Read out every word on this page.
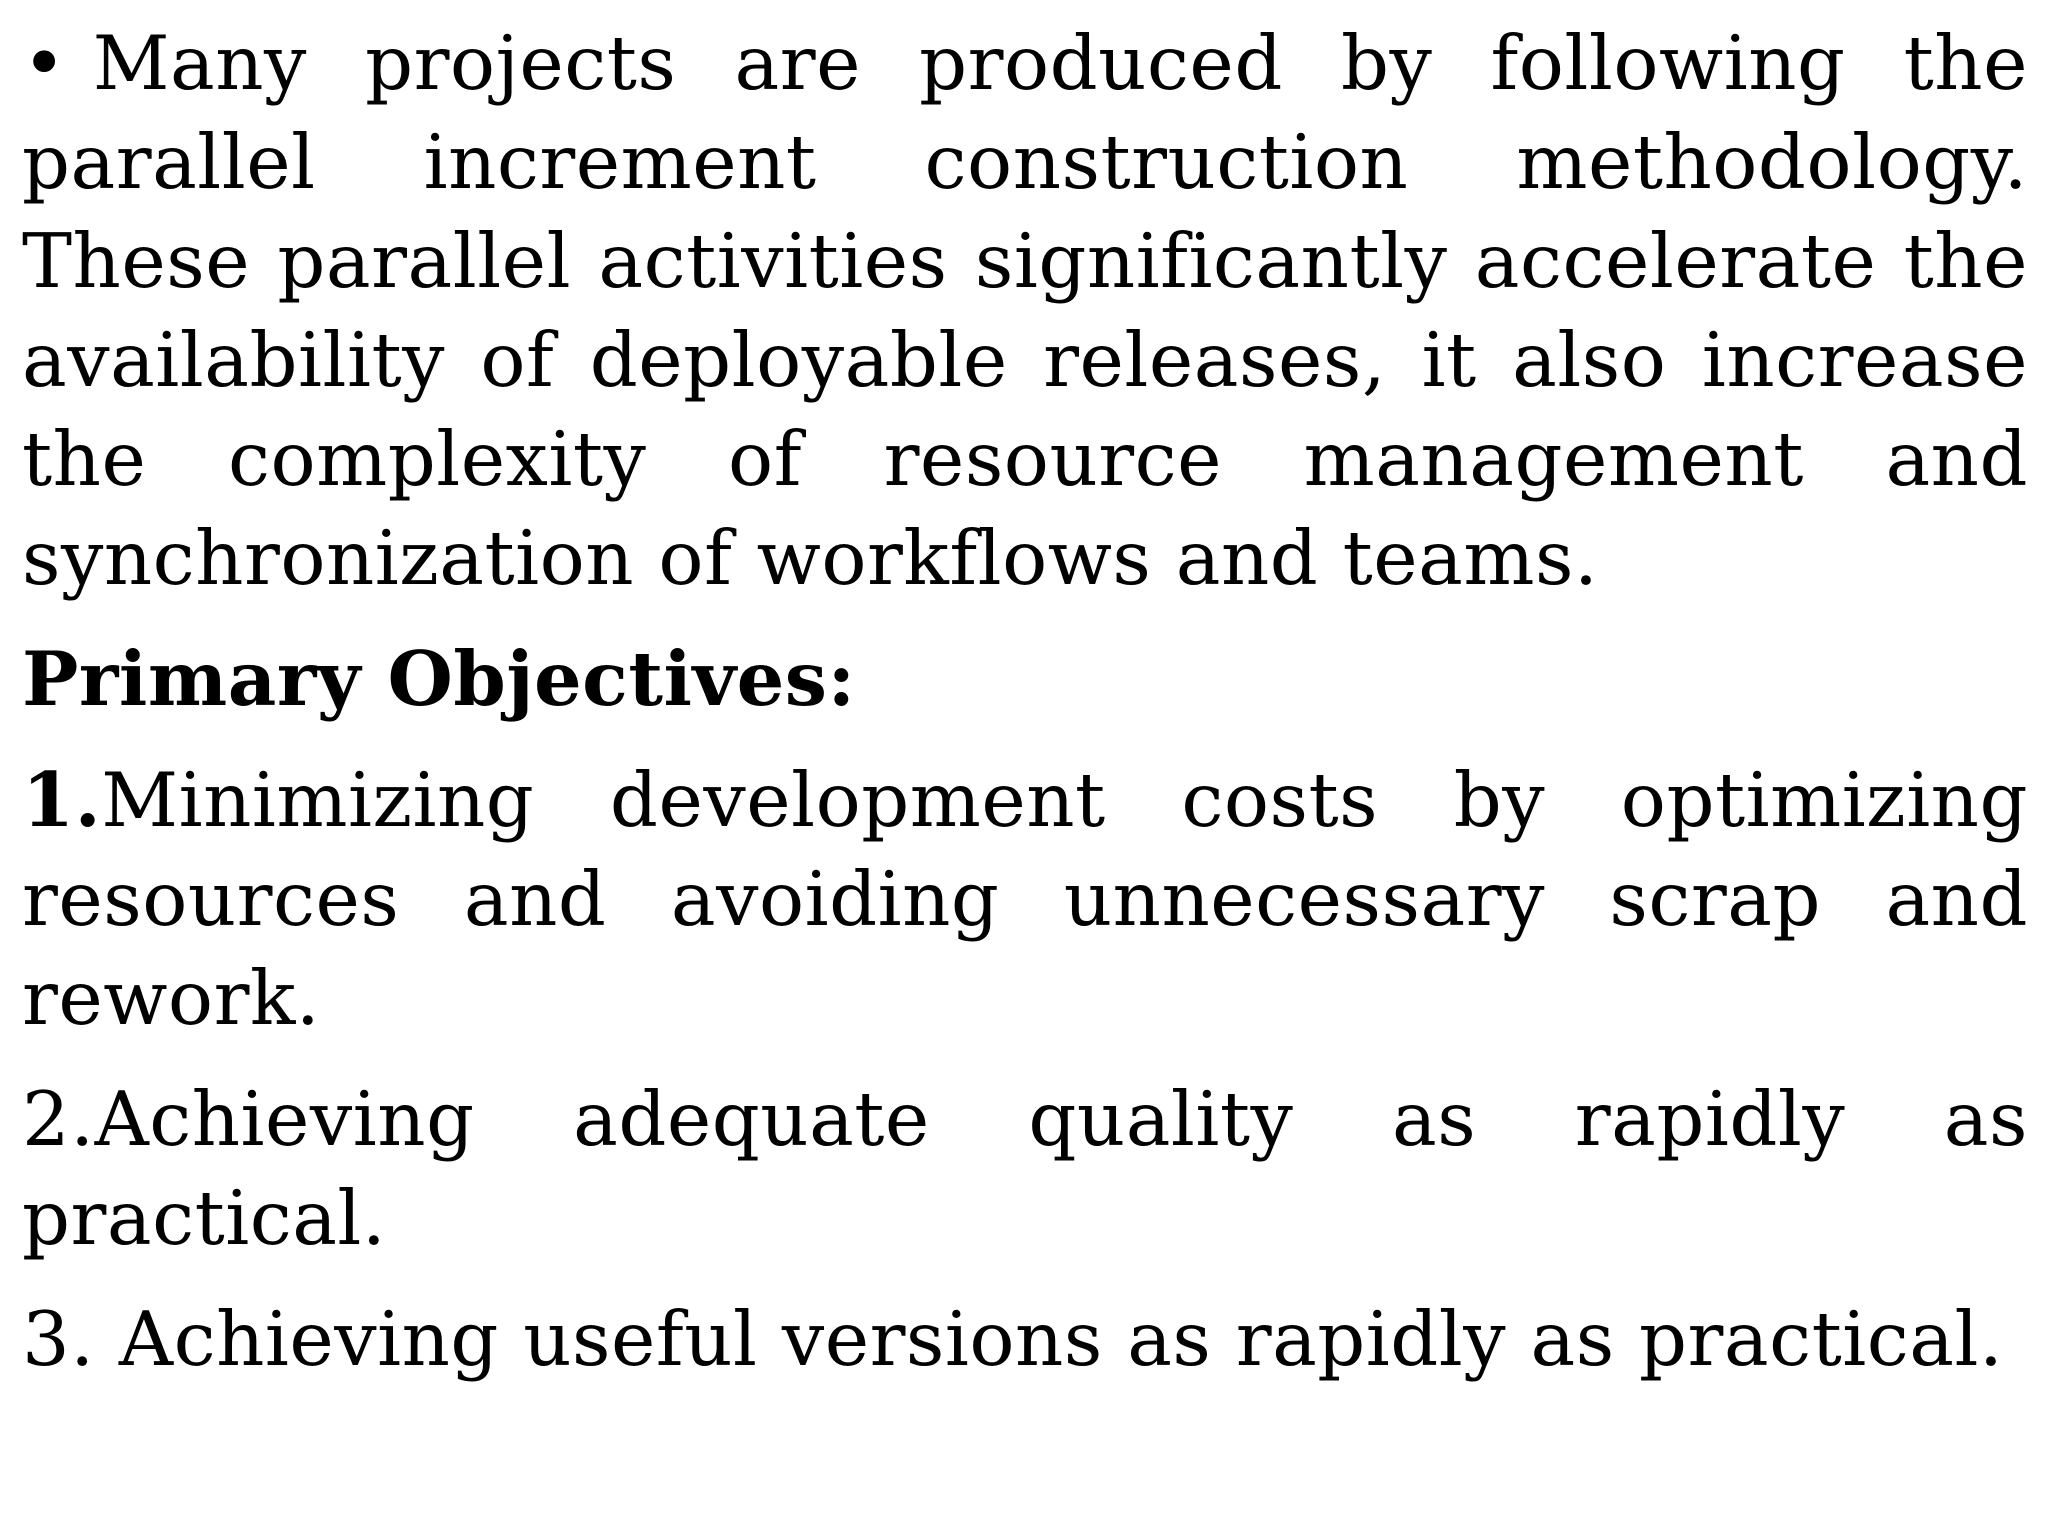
• Many projects are produced by following the parallel increment construction methodology. These parallel activities significantly accelerate the availability of deployable releases, it also increase the complexity of resource management and synchronization of workflows and teams.

Primary Objectives:

1.Minimizing development costs by optimizing resources and avoiding unnecessary scrap and rework.

2.Achieving adequate quality as rapidly as practical.

3. Achieving useful versions as rapidly as practical.
